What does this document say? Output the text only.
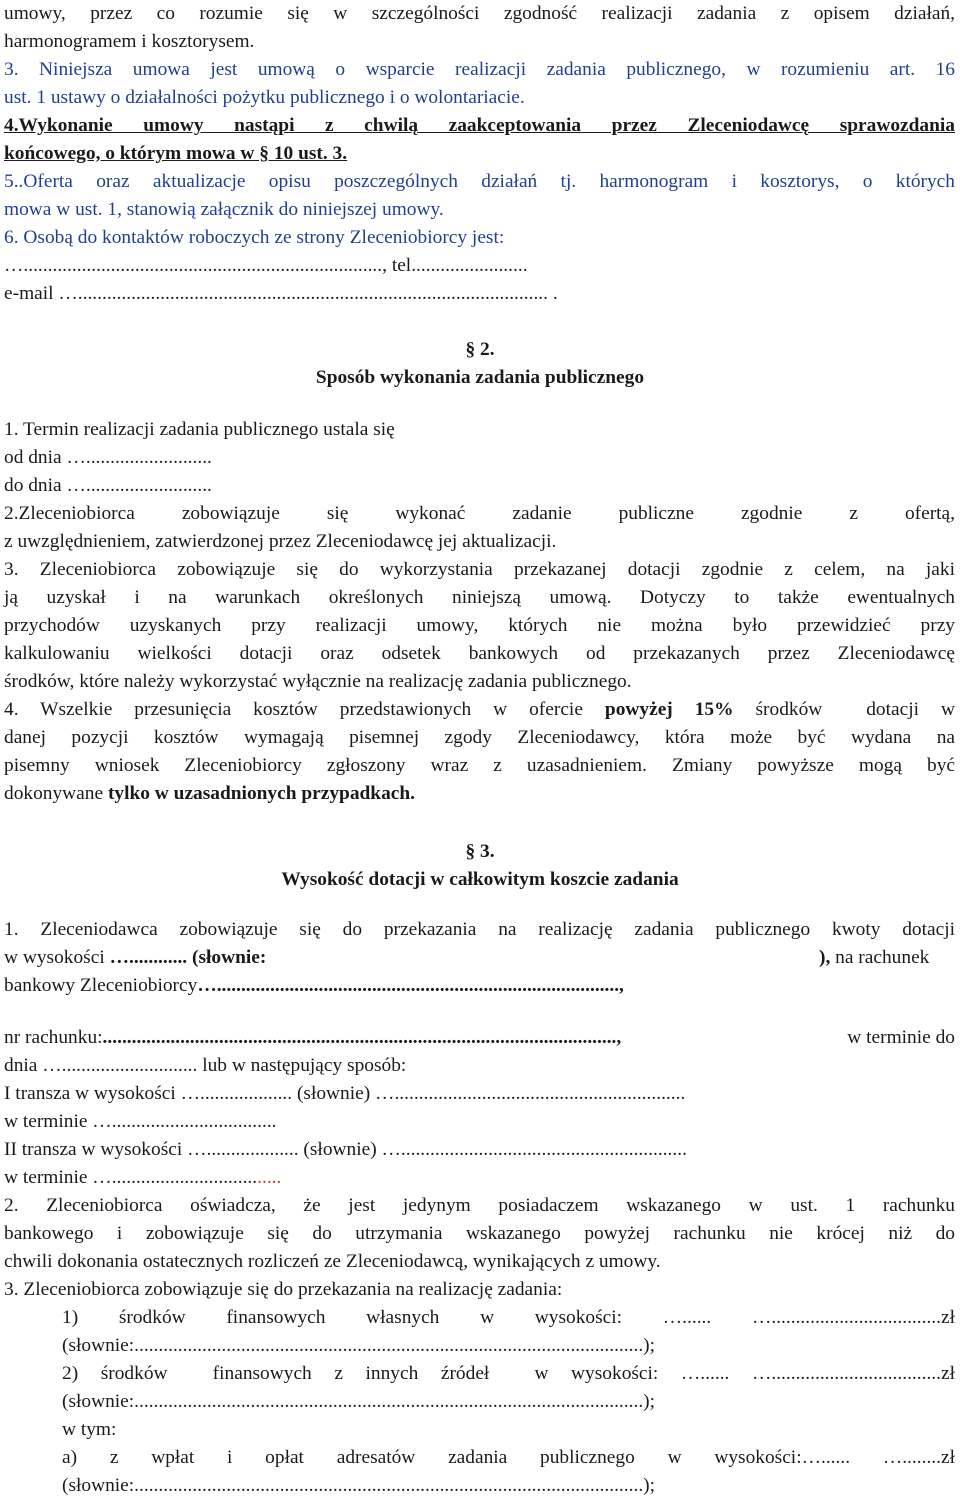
umowy, przez co rozumie się w szczególności zgodność realizacji zadania z opisem działań,
harmonogramem i kosztorysem.
3. Niniejsza umowa jest umową o wsparcie realizacji zadania publicznego, w rozumieniu art. 16
ust. 1 ustawy o działalności pożytku publicznego i o wolontariacie.
4.Wykonanie umowy nastąpi z chwilą zaakceptowania przez Zleceniodawcę sprawozdania
końcowego, o którym mowa w § 10 ust. 3.
5..Oferta oraz aktualizacje opisu poszczególnych działań tj. harmonogram i kosztorys, o których
mowa w ust. 1, stanowią załącznik do niniejszej umowy.
6. Osobą do kontaktów roboczych ze strony Zleceniobiorcy jest:
….........................................................................., tel........................
e-mail …................................................................................................. .
§ 2.
Sposób wykonania zadania publicznego
1. Termin realizacji zadania publicznego ustala się
od dnia …..........................
do dnia …..........................
2.Zleceniobiorca zobowiązuje się wykonać zadanie publiczne zgodnie z ofertą,
z uwzględnieniem, zatwierdzonej przez Zleceniodawcę jej aktualizacji.
3. Zleceniobiorca zobowiązuje się do wykorzystania przekazanej dotacji zgodnie z celem, na jaki
ją uzyskał i na warunkach określonych niniejszą umową. Dotyczy to także ewentualnych
przychodów uzyskanych przy realizacji umowy, których nie można było przewidzieć przy
kalkulowaniu wielkości dotacji oraz odsetek bankowych od przekazanych przez Zleceniodawcę
środków, które należy wykorzystać wyłącznie na realizację zadania publicznego.
4. Wszelkie przesunięcia kosztów przedstawionych w ofercie powyżej 15% środków  dotacji w
danej pozycji kosztów wymagają pisemnej zgody Zleceniodawcy, która może być wydana na
pisemny wniosek Zleceniobiorcy zgłoszony wraz z uzasadnieniem. Zmiany powyższe mogą być
dokonywane tylko w uzasadnionych przypadkach.
§ 3.
Wysokość dotacji w całkowitym koszcie zadania
1. Zleceniodawca zobowiązuje się do przekazania na realizację zadania publicznego kwoty dotacji
w wysokości …............ (słownie:	), na rachunek
bankowy Zleceniobiorcy…...................................................................................,
nr rachunku:..........................................................................................................,	w terminie do
dnia …............................ lub w następujący sposób:
I transza w wysokości …................... (słownie) …............................................................
w terminie …..................................
II transza w wysokości …................... (słownie) …...........................................................
w terminie …...................................
2. Zleceniobiorca oświadcza, że jest jedynym posiadaczem wskazanego w ust. 1 rachunku
bankowego i zobowiązuje się do utrzymania wskazanego powyżej rachunku nie krócej niż do
chwili dokonania ostatecznych rozliczeń ze Zleceniodawcą, wynikających z umowy.
3. Zleceniobiorca zobowiązuje się do przekazania na realizację zadania:
1) środków finansowych własnych w wysokości: …...... …...................................zł
(słownie:.........................................................................................................);
2) środków  finansowych z innych źródeł  w wysokości: …...... …...................................zł
(słownie:.........................................................................................................);
w tym:
a) z wpłat i opłat adresatów zadania publicznego w wysokości:…...... …........zł
(słownie:.........................................................................................................);
